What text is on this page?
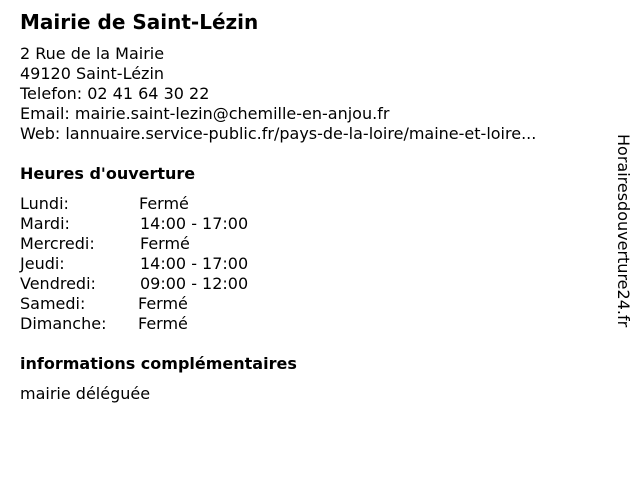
Mairie de Saint-Lézin
2 Rue de la Mairie
49120 Saint-Lézin
Telefon: 02 41 64 30 22
Email: mairie.saint-lezin@chemille-en-anjou.fr
Web: lannuaire.service-public.fr/pays-de-la-loire/maine-et-loire...
Heures d'ouverture
Lundi:	Fermé
Mardi:	14:00 - 17:00
Mercredi:	Fermé
Jeudi:	14:00 - 17:00
Vendredi:	09:00 - 12:00
Samedi:	Fermé
Dimanche: Fermé
informations complémentaires
mairie déléguée
Horairesdouverture24.fr
